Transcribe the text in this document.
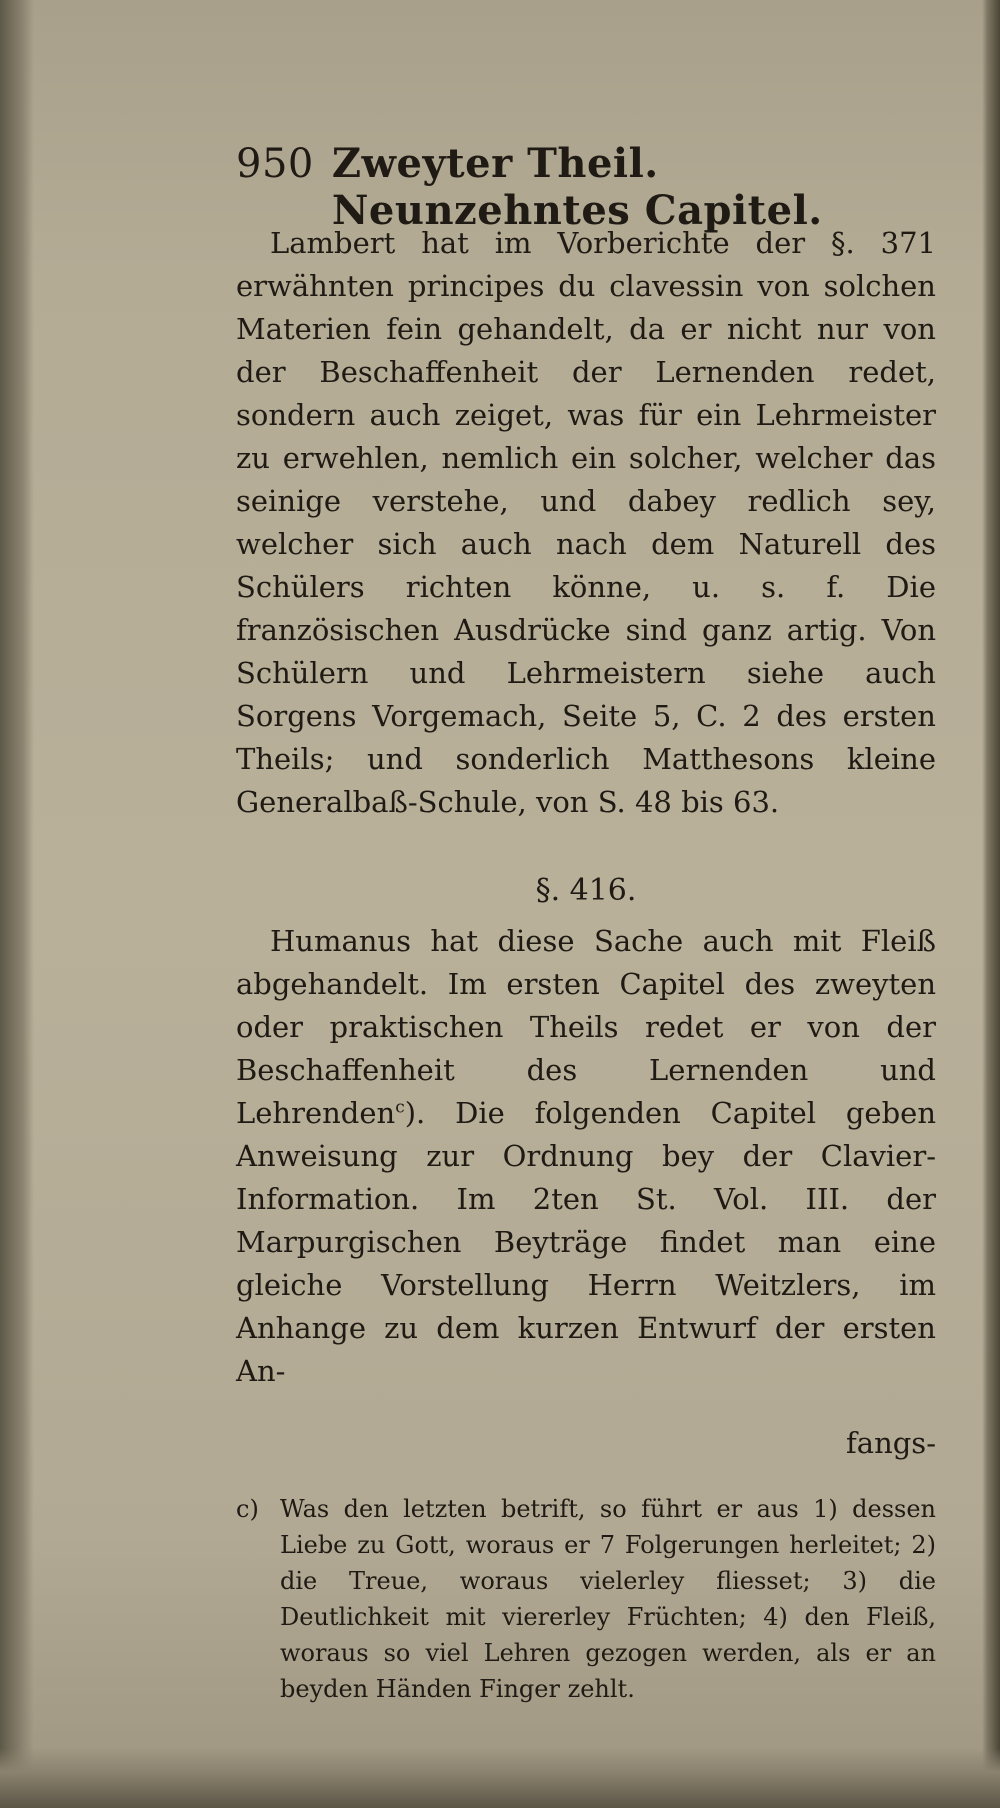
950 Zweyter Theil. Neunzehntes Capitel.

Lambert hat im Vorberichte der §. 371 erwähnten principes du clavessin von solchen Materien fein gehandelt, da er nicht nur von der Beschaffenheit der Lernenden redet, sondern auch zeiget, was für ein Lehrmeister zu erwehlen, nemlich ein solcher, welcher das seinige verstehe, und dabey redlich sey, welcher sich auch nach dem Naturell des Schülers richten könne, u. s. f. Die französischen Ausdrücke sind ganz artig. Von Schülern und Lehrmeistern siehe auch Sorgens Vorgemach, Seite 5, C. 2 des ersten Theils; und sonderlich Matthesons kleine Generalbaß-Schule, von S. 48 bis 63.

§. 416.

Humanus hat diese Sache auch mit Fleiß abgehandelt. Im ersten Capitel des zweyten oder praktischen Theils redet er von der Beschaffenheit des Lernenden und Lehrenden$^c$). Die folgenden Capitel geben Anweisung zur Ordnung bey der Clavier-Information. Im 2ten St. Vol. III. der Marpurgischen Beyträge findet man eine gleiche Vorstellung Herrn Weitzlers, im Anhange zu dem kurzen Entwurf der ersten An-

fangs-

c) Was den letzten betrift, so führt er aus 1) dessen Liebe zu Gott, woraus er 7 Folgerungen herleitet; 2) die Treue, woraus vielerley fliesset; 3) die Deutlichkeit mit viererley Früchten; 4) den Fleiß, woraus so viel Lehren gezogen werden, als er an beyden Händen Finger zehlt.
